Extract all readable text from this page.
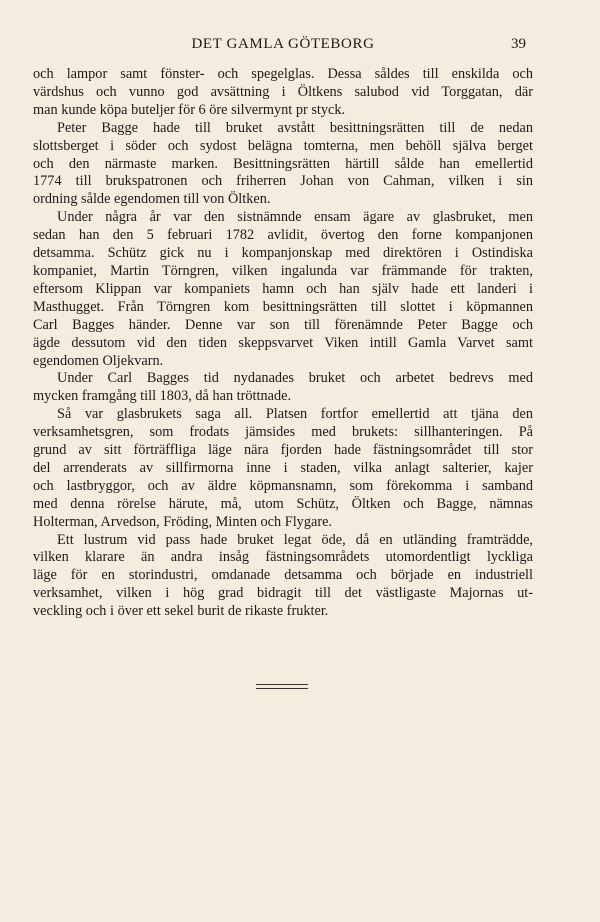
DET GAMLA GÖTEBORG	39
och lampor samt fönster- och spegelglas. Dessa såldes till enskilda och
värdshus och vunno god avsättning i Öltkens salubod vid Torggatan, där
man kunde köpa buteljer för 6 öre silvermynt pr styck.
Peter Bagge hade till bruket avstått besittningsrätten till de nedan
slottsberget i söder och sydost belägna tomterna, men behöll själva berget
och den närmaste marken. Besittningsrätten härtill sålde han emellertid
1774 till brukspatronen och friherren Johan von Cahman, vilken i sin
ordning sålde egendomen till von Öltken.
Under några år var den sistnämnde ensam ägare av glasbruket, men
sedan han den 5 februari 1782 avlidit, övertog den forne kompanjonen
detsamma. Schütz gick nu i kompanjonskap med direktören i Ostindiska
kompaniet, Martin Törngren, vilken ingalunda var främmande för trakten,
eftersom Klippan var kompaniets hamn och han själv hade ett landeri i
Masthugget. Från Törngren kom besittningsrätten till slottet i köpmannen
Carl Bagges händer. Denne var son till förenämnde Peter Bagge och
ägde dessutom vid den tiden skeppsvarvet Viken intill Gamla Varvet samt
egendomen Oljekvarn.
Under Carl Bagges tid nydanades bruket och arbetet bedrevs med
mycken framgång till 1803, då han tröttnade.
Så var glasbrukets saga all. Platsen fortfor emellertid att tjäna den
verksamhetsgren, som frodats jämsides med brukets: sillhanteringen. På
grund av sitt förträffliga läge nära fjorden hade fästningsområdet till stor
del arrenderats av sillfirmorna inne i staden, vilka anlagt salterier, kajer
och lastbryggor, och av äldre köpmansnamn, som förekomma i samband
med denna rörelse härute, må, utom Schütz, Öltken och Bagge, nämnas
Holterman, Arvedson, Fröding, Minten och Flygare.
Ett lustrum vid pass hade bruket legat öde, då en utländing framträdde,
vilken klarare än andra insåg fästningsområdets utomordentligt lyckliga
läge för en storindustri, omdanade detsamma och började en industriell
verksamhet, vilken i hög grad bidragit till det västligaste Majornas ut-
veckling och i över ett sekel burit de rikaste frukter.
